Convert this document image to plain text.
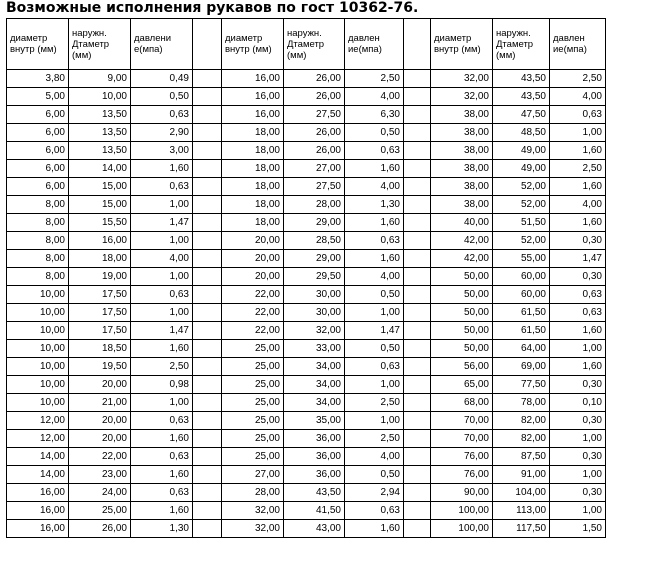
Возможные исполнения рукавов по гост 10362-76.
диаметр внутр (мм)	наружн. Дтаметр (мм)	давлени е(мпа)		диаметр внутр (мм)	наружн. Дтаметр (мм)	давлен ие(мпа)		диаметр внутр (мм)	наружн. Дтаметр (мм)	давлен ие(мпа)
3,80	9,00	0,49		16,00	26,00	2,50		32,00	43,50	2,50
5,00	10,00	0,50		16,00	26,00	4,00		32,00	43,50	4,00
6,00	13,50	0,63		16,00	27,50	6,30		38,00	47,50	0,63
6,00	13,50	2,90		18,00	26,00	0,50		38,00	48,50	1,00
6,00	13,50	3,00		18,00	26,00	0,63		38,00	49,00	1,60
6,00	14,00	1,60		18,00	27,00	1,60		38,00	49,00	2,50
6,00	15,00	0,63		18,00	27,50	4,00		38,00	52,00	1,60
8,00	15,00	1,00		18,00	28,00	1,30		38,00	52,00	4,00
8,00	15,50	1,47		18,00	29,00	1,60		40,00	51,50	1,60
8,00	16,00	1,00		20,00	28,50	0,63		42,00	52,00	0,30
8,00	18,00	4,00		20,00	29,00	1,60		42,00	55,00	1,47
8,00	19,00	1,00		20,00	29,50	4,00		50,00	60,00	0,30
10,00	17,50	0,63		22,00	30,00	0,50		50,00	60,00	0,63
10,00	17,50	1,00		22,00	30,00	1,00		50,00	61,50	0,63
10,00	17,50	1,47		22,00	32,00	1,47		50,00	61,50	1,60
10,00	18,50	1,60		25,00	33,00	0,50		50,00	64,00	1,00
10,00	19,50	2,50		25,00	34,00	0,63		56,00	69,00	1,60
10,00	20,00	0,98		25,00	34,00	1,00		65,00	77,50	0,30
10,00	21,00	1,00		25,00	34,00	2,50		68,00	78,00	0,10
12,00	20,00	0,63		25,00	35,00	1,00		70,00	82,00	0,30
12,00	20,00	1,60		25,00	36,00	2,50		70,00	82,00	1,00
14,00	22,00	0,63		25,00	36,00	4,00		76,00	87,50	0,30
14,00	23,00	1,60		27,00	36,00	0,50		76,00	91,00	1,00
16,00	24,00	0,63		28,00	43,50	2,94		90,00	104,00	0,30
16,00	25,00	1,60		32,00	41,50	0,63		100,00	113,00	1,00
16,00	26,00	1,30		32,00	43,00	1,60		100,00	117,50	1,50
